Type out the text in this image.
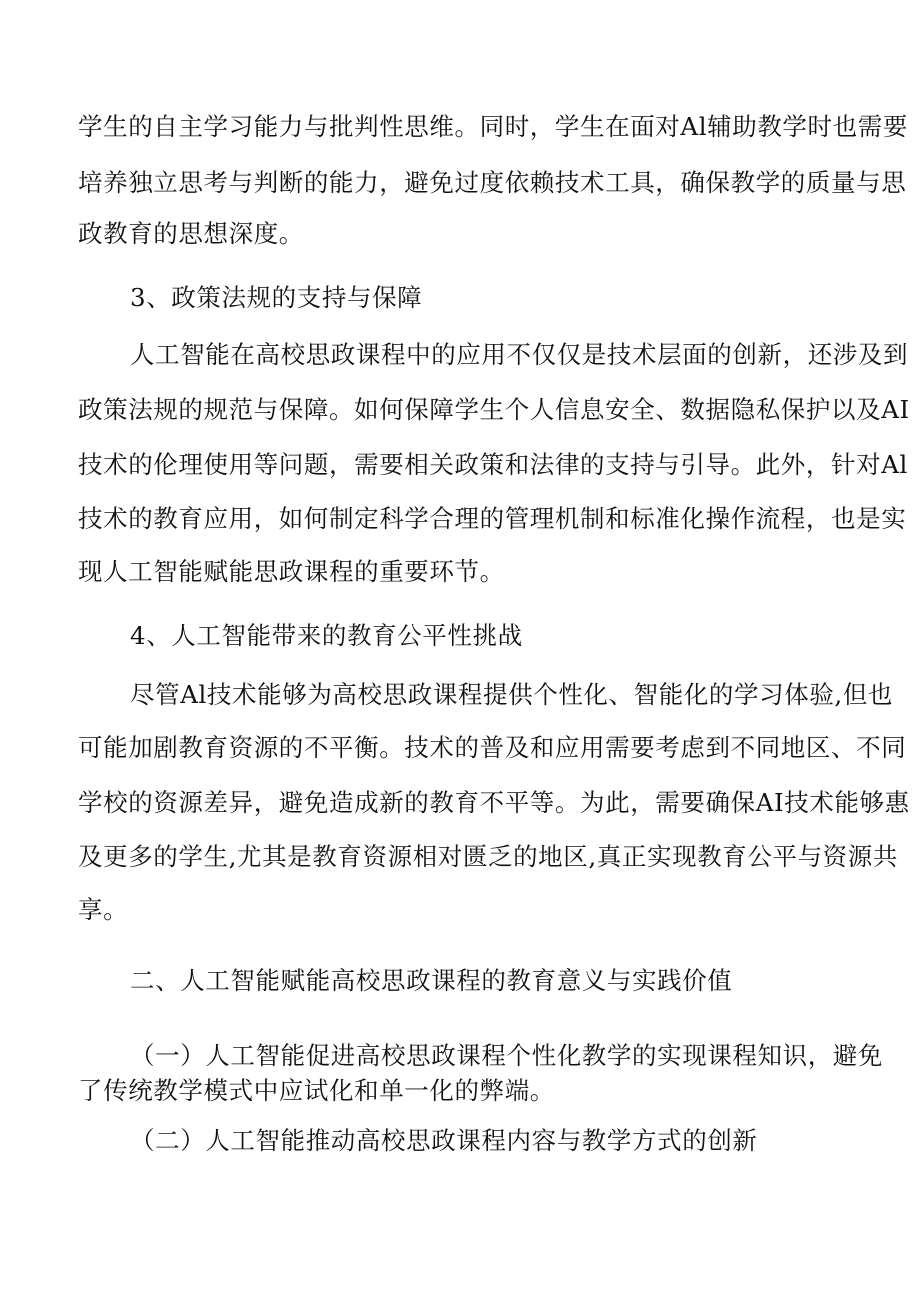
学生的自主学习能力与批判性思维。同时，学生在面对Al辅助教学时也需要
培养独立思考与判断的能力，避免过度依赖技术工具，确保教学的质量与思
政教育的思想深度。
3、政策法规的支持与保障
人工智能在高校思政课程中的应用不仅仅是技术层面的创新，还涉及到
政策法规的规范与保障。如何保障学生个人信息安全、数据隐私保护以及AI
技术的伦理使用等问题，需要相关政策和法律的支持与引导。此外，针对Al
技术的教育应用，如何制定科学合理的管理机制和标准化操作流程，也是实
现人工智能赋能思政课程的重要环节。
4、人工智能带来的教育公平性挑战
尽管Al技术能够为高校思政课程提供个性化、智能化的学习体验,但也
可能加剧教育资源的不平衡。技术的普及和应用需要考虑到不同地区、不同
学校的资源差异，避免造成新的教育不平等。为此，需要确保AI技术能够惠
及更多的学生,尤其是教育资源相对匮乏的地区,真正实现教育公平与资源共
享。
二、人工智能赋能高校思政课程的教育意义与实践价值
（一）人工智能促进高校思政课程个性化教学的实现课程知识，避免
了传统教学模式中应试化和单一化的弊端。
（二）人工智能推动高校思政课程内容与教学方式的创新
